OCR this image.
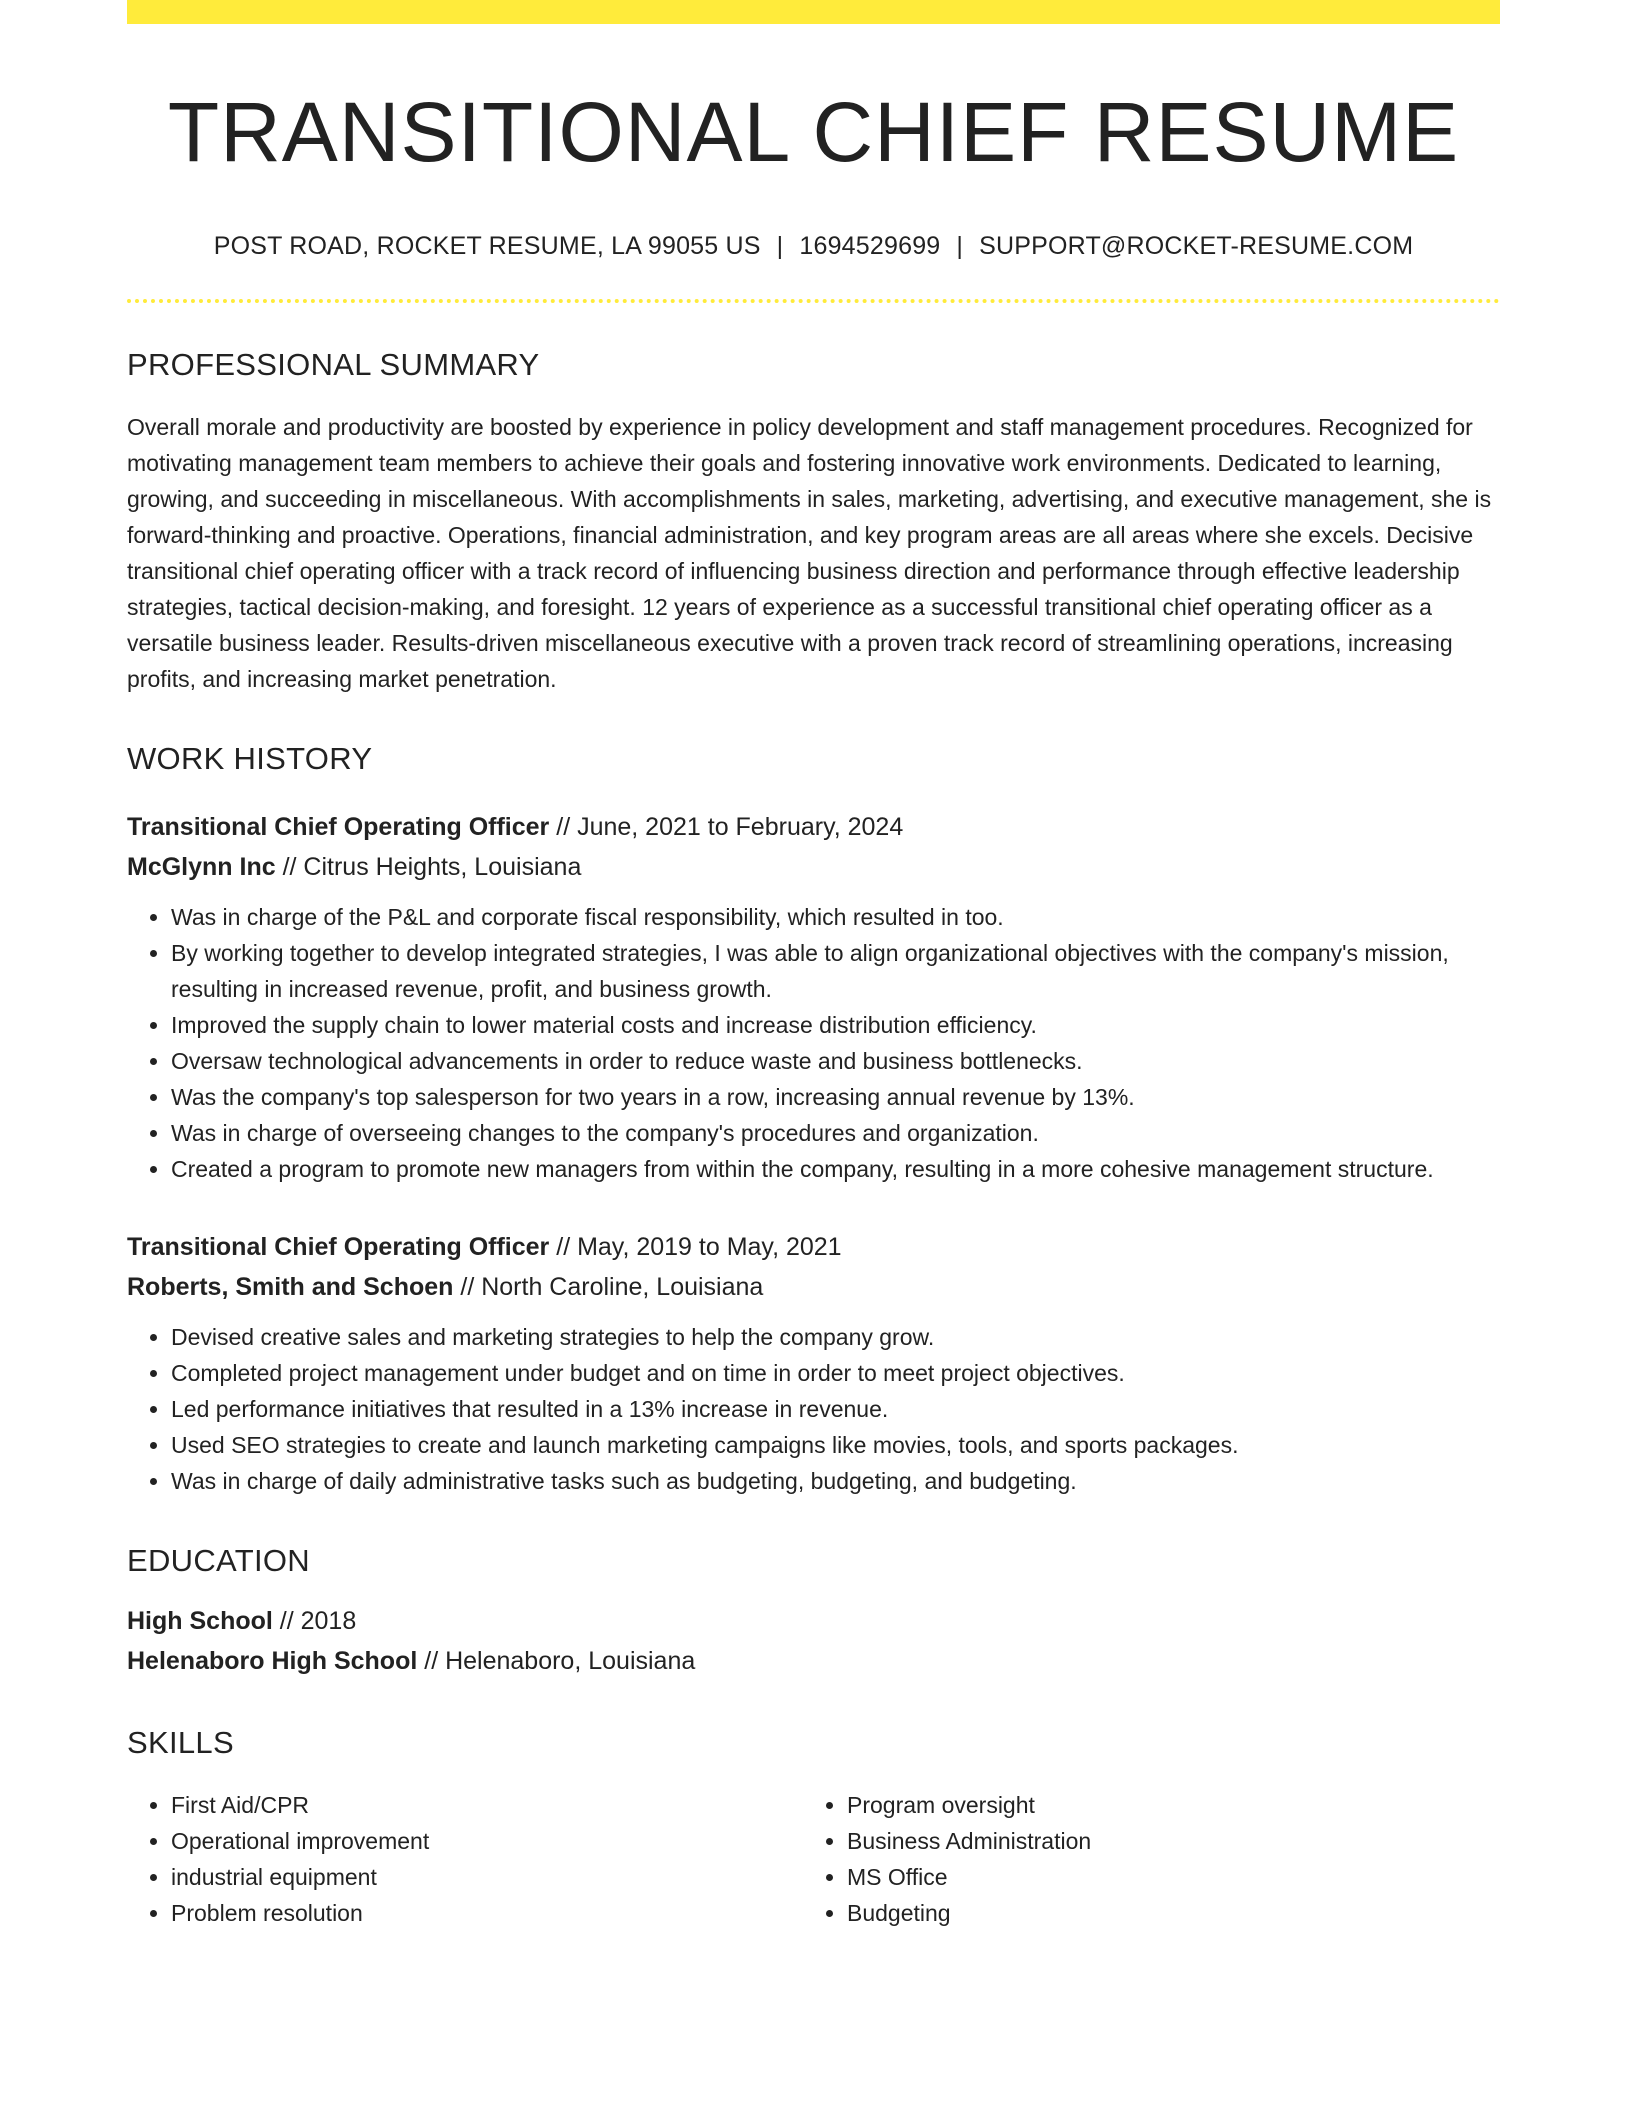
TRANSITIONAL CHIEF RESUME
POST ROAD, ROCKET RESUME, LA 99055 US | 1694529699 | SUPPORT@ROCKET-RESUME.COM
PROFESSIONAL SUMMARY
Overall morale and productivity are boosted by experience in policy development and staff management procedures. Recognized for motivating management team members to achieve their goals and fostering innovative work environments. Dedicated to learning, growing, and succeeding in miscellaneous. With accomplishments in sales, marketing, advertising, and executive management, she is forward-thinking and proactive. Operations, financial administration, and key program areas are all areas where she excels. Decisive transitional chief operating officer with a track record of influencing business direction and performance through effective leadership strategies, tactical decision-making, and foresight. 12 years of experience as a successful transitional chief operating officer as a versatile business leader. Results-driven miscellaneous executive with a proven track record of streamlining operations, increasing profits, and increasing market penetration.
WORK HISTORY
Transitional Chief Operating Officer // June, 2021 to February, 2024
McGlynn Inc // Citrus Heights, Louisiana
• Was in charge of the P&L and corporate fiscal responsibility, which resulted in too.
• By working together to develop integrated strategies, I was able to align organizational objectives with the company's mission, resulting in increased revenue, profit, and business growth.
• Improved the supply chain to lower material costs and increase distribution efficiency.
• Oversaw technological advancements in order to reduce waste and business bottlenecks.
• Was the company's top salesperson for two years in a row, increasing annual revenue by 13%.
• Was in charge of overseeing changes to the company's procedures and organization.
• Created a program to promote new managers from within the company, resulting in a more cohesive management structure.
Transitional Chief Operating Officer // May, 2019 to May, 2021
Roberts, Smith and Schoen // North Caroline, Louisiana
• Devised creative sales and marketing strategies to help the company grow.
• Completed project management under budget and on time in order to meet project objectives.
• Led performance initiatives that resulted in a 13% increase in revenue.
• Used SEO strategies to create and launch marketing campaigns like movies, tools, and sports packages.
• Was in charge of daily administrative tasks such as budgeting, budgeting, and budgeting.
EDUCATION
High School // 2018
Helenaboro High School // Helenaboro, Louisiana
SKILLS
• First Aid/CPR
• Operational improvement
• industrial equipment
• Problem resolution
• Program oversight
• Business Administration
• MS Office
• Budgeting
